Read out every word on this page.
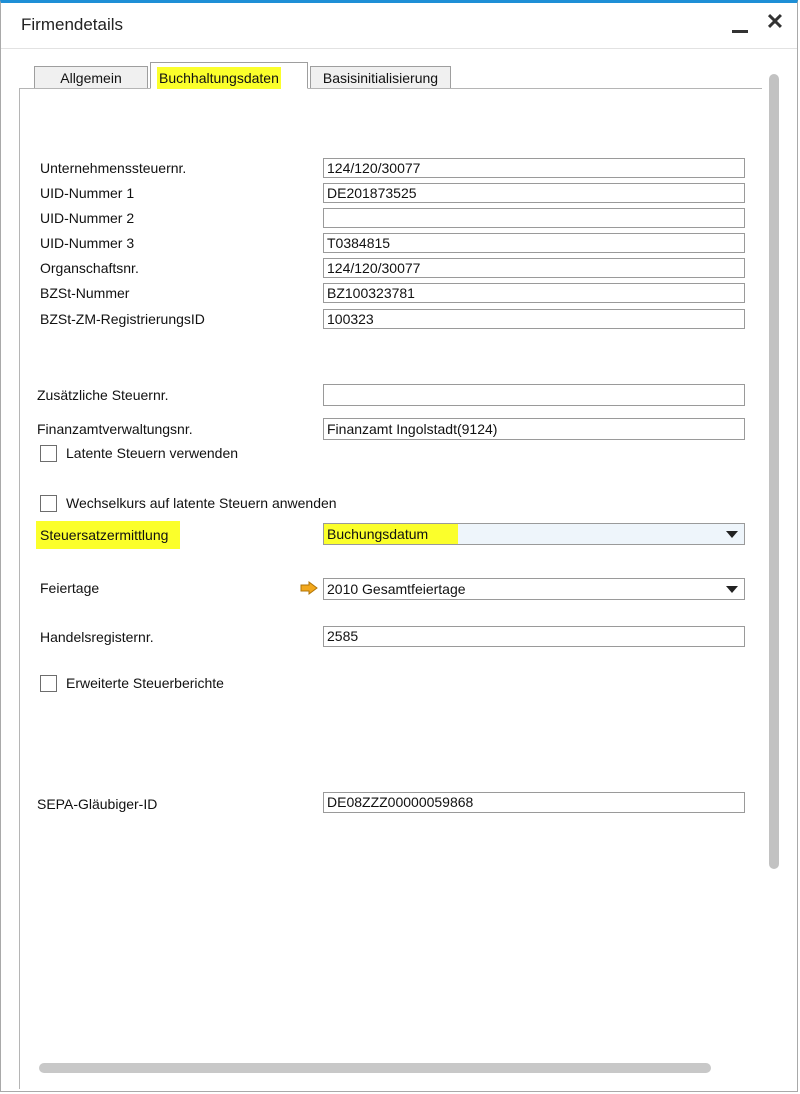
Firmendetails	✕
Allgemein	Buchhaltungsdaten	Basisinitialisierung
Unternehmenssteuernr.	124/120/30077
UID-Nummer 1	DE201873525
UID-Nummer 2
UID-Nummer 3	T0384815
Organschaftsnr.	124/120/30077
BZSt-Nummer	BZ100323781
BZSt-ZM-RegistrierungsID	100323
Zusätzliche Steuernr.
Finanzamtverwaltungsnr.	Finanzamt Ingolstadt(9124)
Latente Steuern verwenden
Wechselkurs auf latente Steuern anwenden
Steuersatzermittlung	Buchungsdatum
Feiertage	2010 Gesamtfeiertage
Handelsregisternr.	2585
Erweiterte Steuerberichte
SEPA-Gläubiger-ID	DE08ZZZ00000059868
